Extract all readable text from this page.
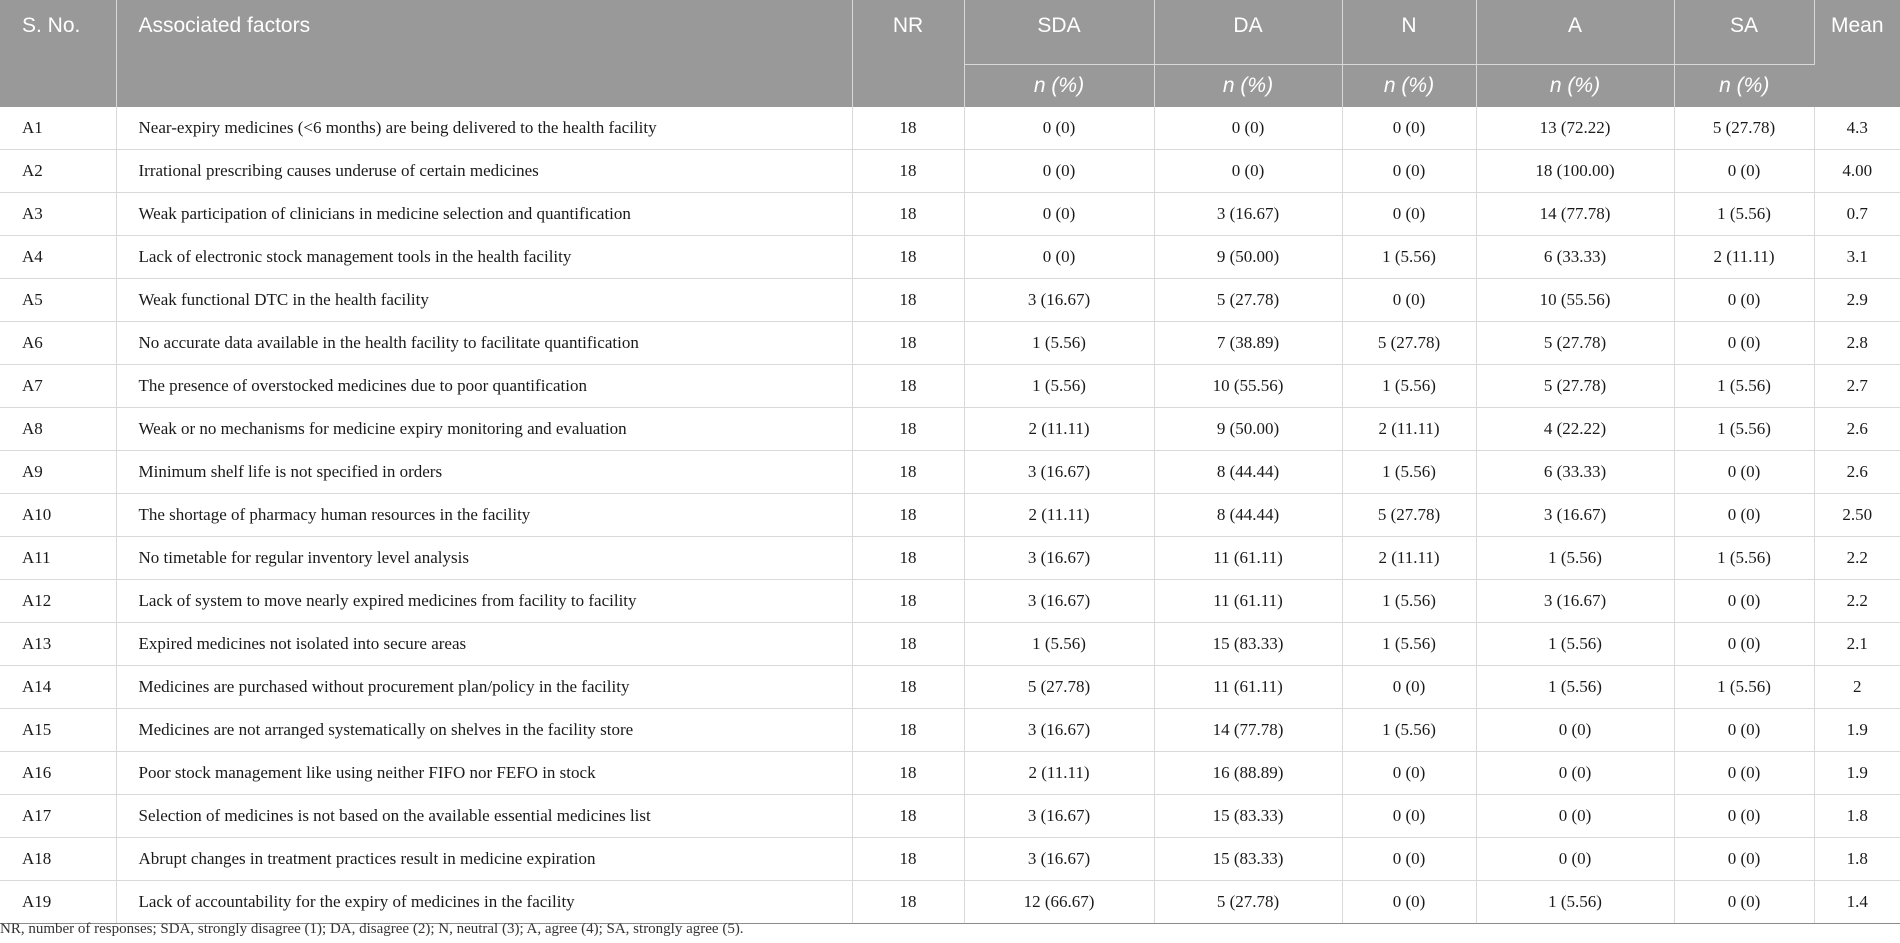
S. No.	Associated factors	NR	SDA	DA	N	A	SA	Mean
			n (%)	n (%)	n (%)	n (%)	n (%)	
A1	Near-expiry medicines (<6 months) are being delivered to the health facility	18	0 (0)	0 (0)	0 (0)	13 (72.22)	5 (27.78)	4.3
A2	Irrational prescribing causes underuse of certain medicines	18	0 (0)	0 (0)	0 (0)	18 (100.00)	0 (0)	4.00
A3	Weak participation of clinicians in medicine selection and quantification	18	0 (0)	3 (16.67)	0 (0)	14 (77.78)	1 (5.56)	0.7
A4	Lack of electronic stock management tools in the health facility	18	0 (0)	9 (50.00)	1 (5.56)	6 (33.33)	2 (11.11)	3.1
A5	Weak functional DTC in the health facility	18	3 (16.67)	5 (27.78)	0 (0)	10 (55.56)	0 (0)	2.9
A6	No accurate data available in the health facility to facilitate quantification	18	1 (5.56)	7 (38.89)	5 (27.78)	5 (27.78)	0 (0)	2.8
A7	The presence of overstocked medicines due to poor quantification	18	1 (5.56)	10 (55.56)	1 (5.56)	5 (27.78)	1 (5.56)	2.7
A8	Weak or no mechanisms for medicine expiry monitoring and evaluation	18	2 (11.11)	9 (50.00)	2 (11.11)	4 (22.22)	1 (5.56)	2.6
A9	Minimum shelf life is not specified in orders	18	3 (16.67)	8 (44.44)	1 (5.56)	6 (33.33)	0 (0)	2.6
A10	The shortage of pharmacy human resources in the facility	18	2 (11.11)	8 (44.44)	5 (27.78)	3 (16.67)	0 (0)	2.50
A11	No timetable for regular inventory level analysis	18	3 (16.67)	11 (61.11)	2 (11.11)	1 (5.56)	1 (5.56)	2.2
A12	Lack of system to move nearly expired medicines from facility to facility	18	3 (16.67)	11 (61.11)	1 (5.56)	3 (16.67)	0 (0)	2.2
A13	Expired medicines not isolated into secure areas	18	1 (5.56)	15 (83.33)	1 (5.56)	1 (5.56)	0 (0)	2.1
A14	Medicines are purchased without procurement plan/policy in the facility	18	5 (27.78)	11 (61.11)	0 (0)	1 (5.56)	1 (5.56)	2
A15	Medicines are not arranged systematically on shelves in the facility store	18	3 (16.67)	14 (77.78)	1 (5.56)	0 (0)	0 (0)	1.9
A16	Poor stock management like using neither FIFO nor FEFO in stock	18	2 (11.11)	16 (88.89)	0 (0)	0 (0)	0 (0)	1.9
A17	Selection of medicines is not based on the available essential medicines list	18	3 (16.67)	15 (83.33)	0 (0)	0 (0)	0 (0)	1.8
A18	Abrupt changes in treatment practices result in medicine expiration	18	3 (16.67)	15 (83.33)	0 (0)	0 (0)	0 (0)	1.8
A19	Lack of accountability for the expiry of medicines in the facility	18	12 (66.67)	5 (27.78)	0 (0)	1 (5.56)	0 (0)	1.4
NR, number of responses; SDA, strongly disagree (1); DA, disagree (2); N, neutral (3); A, agree (4); SA, strongly agree (5).
